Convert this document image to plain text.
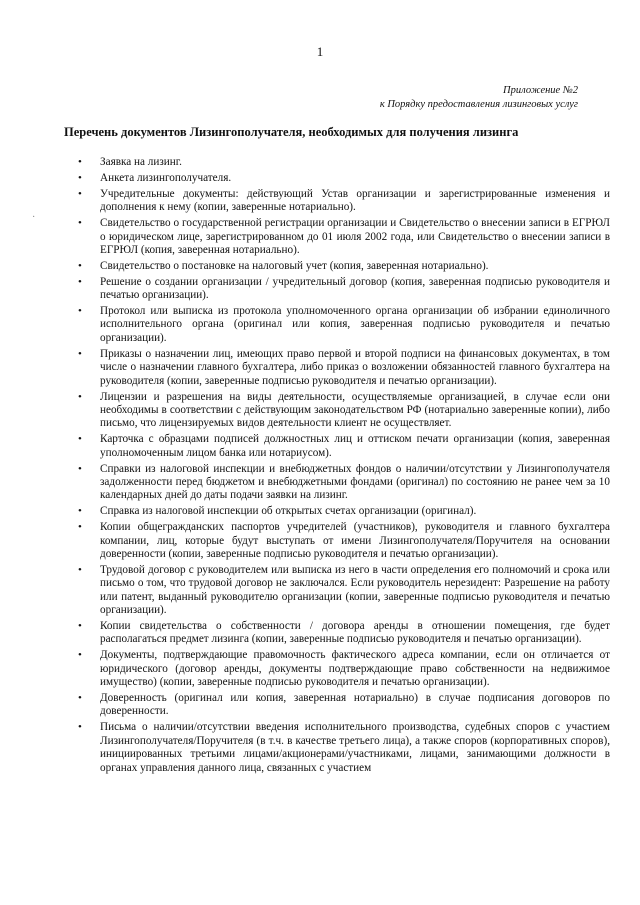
1
Приложение №2
к Порядку предоставления лизинговых услуг
Перечень документов Лизингополучателя, необходимых для получения лизинга
·
• Заявка на лизинг.
• Анкета лизингополучателя.
• Учредительные документы: действующий Устав организации и зарегистрированные изменения и дополнения к нему (копии, заверенные нотариально).
• Свидетельство о государственной регистрации организации и Свидетельство о внесении записи в ЕГРЮЛ о юридическом лице, зарегистрированном до 01 июля 2002 года, или Свидетельство о внесении записи в ЕГРЮЛ (копия, заверенная нотариально).
• Свидетельство о постановке на налоговый учет (копия, заверенная нотариально).
• Решение о создании организации / учредительный договор (копия, заверенная подписью руководителя и печатью организации).
• Протокол или выписка из протокола уполномоченного органа организации об избрании единоличного исполнительного органа (оригинал или копия, заверенная подписью руководителя и печатью организации).
• Приказы о назначении лиц, имеющих право первой и второй подписи на финансовых документах, в том числе о назначении главного бухгалтера, либо приказ о возложении обязанностей главного бухгалтера на руководителя (копии, заверенные подписью руководителя и печатью организации).
• Лицензии и разрешения на виды деятельности, осуществляемые организацией, в случае если они необходимы в соответствии с действующим законодательством РФ (нотариально заверенные копии), либо письмо, что лицензируемых видов деятельности клиент не осуществляет.
• Карточка с образцами подписей должностных лиц и оттиском печати организации (копия, заверенная уполномоченным лицом банка или нотариусом).
• Справки из налоговой инспекции и внебюджетных фондов о наличии/отсутствии у Лизингополучателя задолженности перед бюджетом и внебюджетными фондами (оригинал) по состоянию не ранее чем за 10 календарных дней до даты подачи заявки на лизинг.
• Справка из налоговой инспекции об открытых счетах организации (оригинал).
• Копии общегражданских паспортов учредителей (участников), руководителя и главного бухгалтера компании, лиц, которые будут выступать от имени Лизингополучателя/Поручителя на основании доверенности (копии, заверенные подписью руководителя и печатью организации).
• Трудовой договор с руководителем или выписка из него в части определения его полномочий и срока или письмо о том, что трудовой договор не заключался. Если руководитель нерезидент: Разрешение на работу или патент, выданный руководителю организации (копии, заверенные подписью руководителя и печатью организации).
• Копии свидетельства о собственности / договора аренды в отношении помещения, где будет располагаться предмет лизинга (копии, заверенные подписью руководителя и печатью организации).
• Документы, подтверждающие правомочность фактического адреса компании, если он отличается от юридического (договор аренды, документы подтверждающие право собственности на недвижимое имущество) (копии, заверенные подписью руководителя и печатью организации).
• Доверенность (оригинал или копия, заверенная нотариально) в случае подписания договоров по доверенности.
• Письма о наличии/отсутствии введения исполнительного производства, судебных споров с участием Лизингополучателя/Поручителя (в т.ч. в качестве третьего лица), а также споров (корпоративных споров), инициированных третьими лицами/акционерами/участниками, лицами, занимающими должности в органах управления данного лица, связанных с участием
